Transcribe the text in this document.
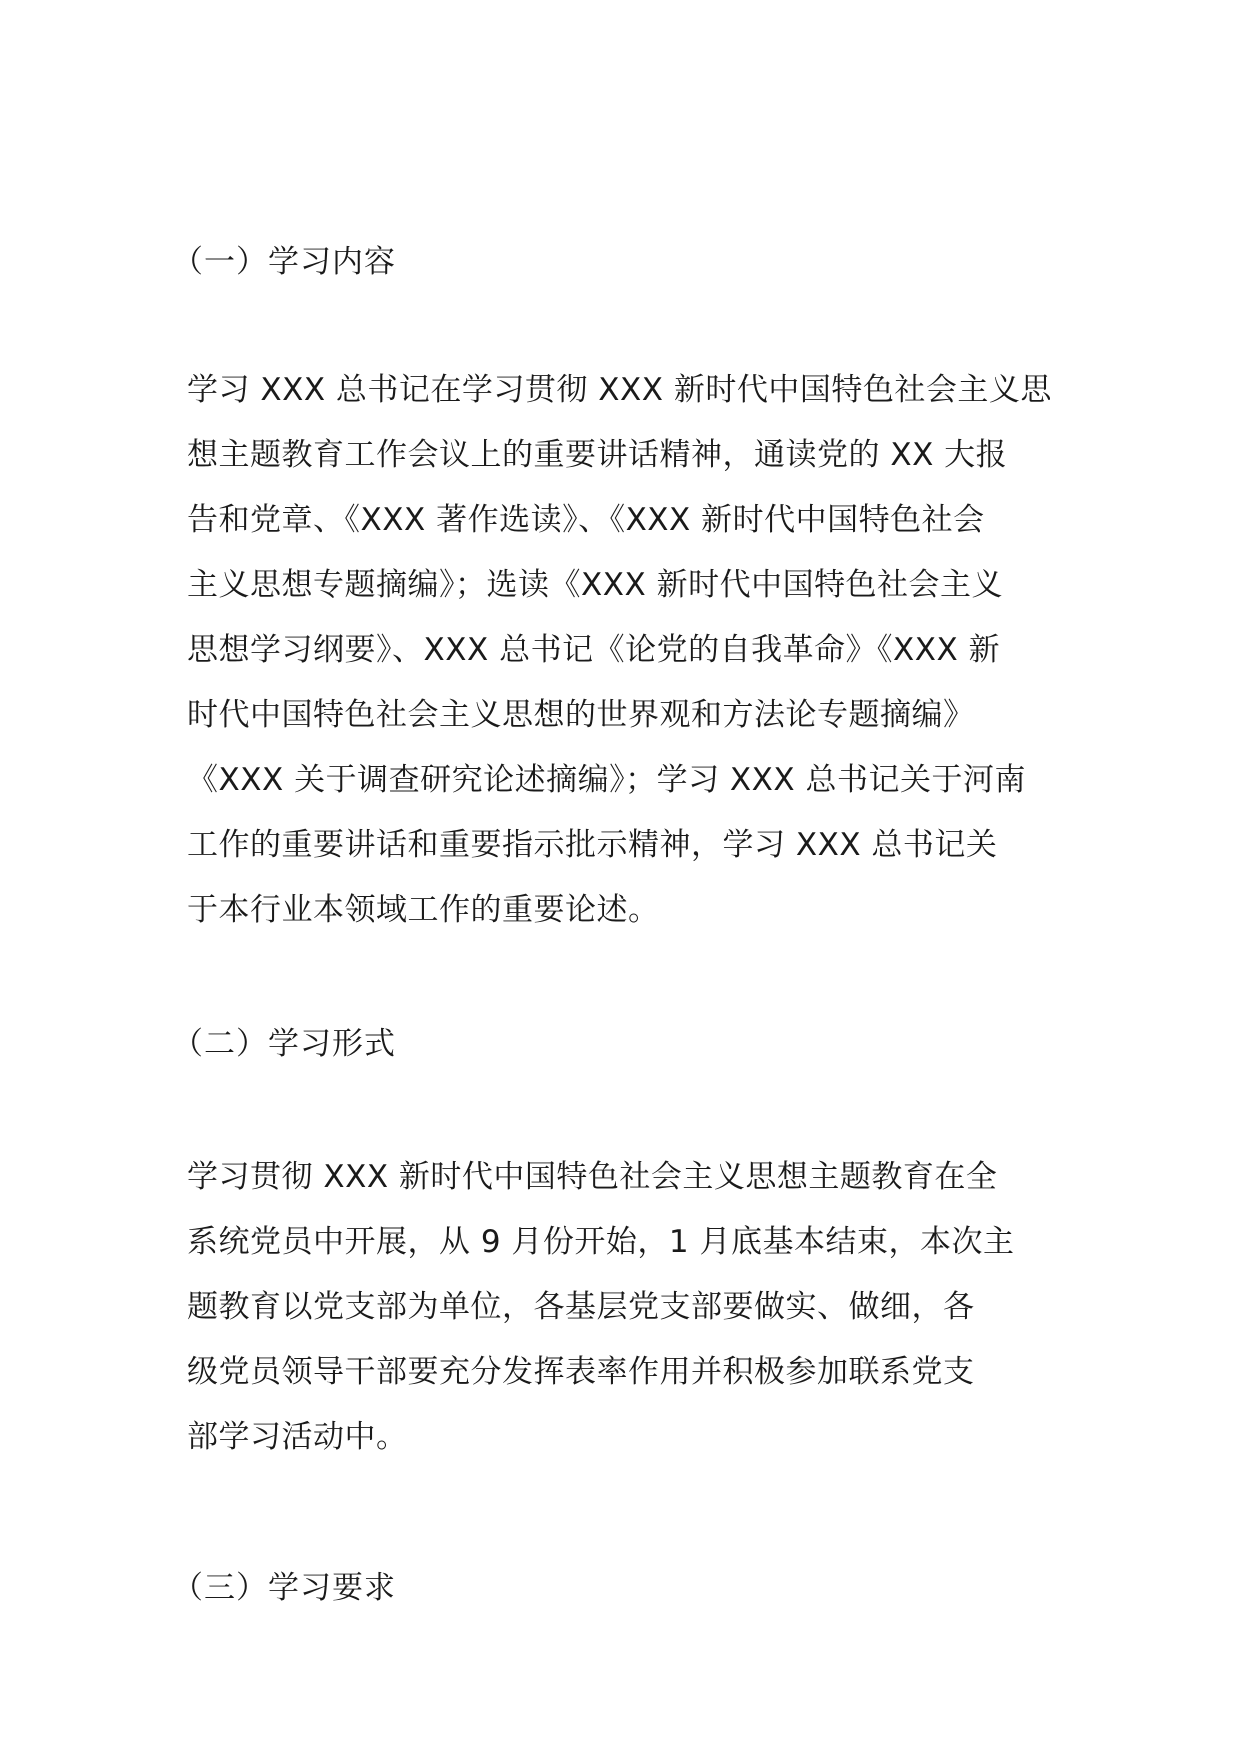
（一）学习内容
学习 XXX 总书记在学习贯彻 XXX 新时代中国特色社会主义思
想主题教育工作会议上的重要讲话精神，通读党的 XX 大报
告和党章、《XXX 著作选读》、《XXX 新时代中国特色社会
主义思想专题摘编》；选读《XXX 新时代中国特色社会主义
思想学习纲要》、XXX 总书记《论党的自我革命》《XXX 新
时代中国特色社会主义思想的世界观和方法论专题摘编》
《XXX 关于调查研究论述摘编》；学习 XXX 总书记关于河南
工作的重要讲话和重要指示批示精神，学习 XXX 总书记关
于本行业本领域工作的重要论述。
（二）学习形式
学习贯彻 XXX 新时代中国特色社会主义思想主题教育在全
系统党员中开展，从 9 月份开始，1 月底基本结束，本次主
题教育以党支部为单位，各基层党支部要做实、做细，各
级党员领导干部要充分发挥表率作用并积极参加联系党支
部学习活动中。
（三）学习要求
